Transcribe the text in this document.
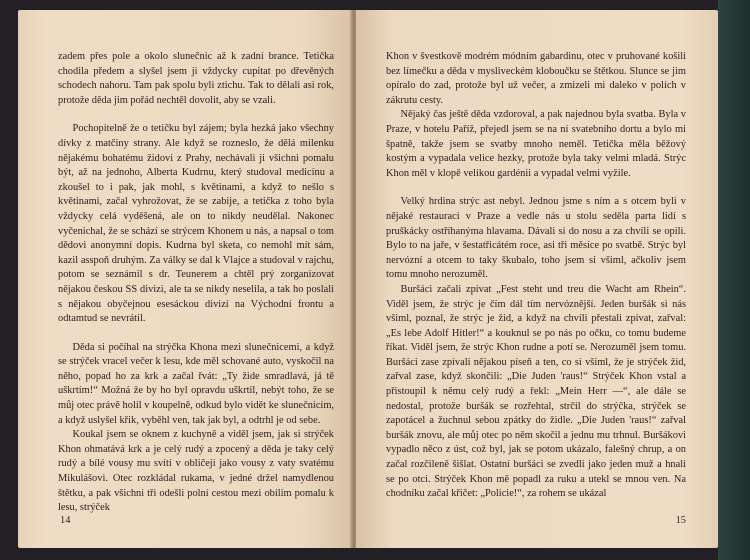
zadem přes pole a okolo slunečnic až k zadní brance. Tetička chodila předem a slyšel jsem ji vždycky cupitat po dřevěných schodech nahoru. Tam pak spolu byli ztichu. Tak to dělali asi rok, protože děda jim pořád nechtěl dovolit, aby se vzali.

Pochopitelně že o tetičku byl zájem; byla hezká jako všechny dívky z matčiny strany. Ale když se rozneslo, že dělá milenku nějakému bohatému židovi z Prahy, nechávali ji všichni pomalu být, až na jednoho, Alberta Kudrnu, který studoval medicínu a zkoušel to i pak, jak mohl, s květinami, a když to nešlo s květinami, začal vyhrožovat, že se zabije, a tetička z toho byla vždycky celá vyděšená, ale on to nikdy neudělal. Nakonec vyčenichal, že se schází se strýcem Khonem u nás, a napsal o tom dědovi anonymní dopis. Kudrna byl sketa, co nemohl mít sám, kazil asspoň druhým. Za války se dal k Vlajce a studoval v rajchu, potom se seznámil s dr. Teunerem a chtěl prý zorganizovat nějakou českou SS divizi, ale ta se nikdy neselila, a tak ho poslali s nějakou obyčejnou esesáckou divizí na Východní frontu a odtamtud se nevrátil.

Děda si počíhal na strýčka Khona mezi slunečnicemi, a když se strýček vracel večer k lesu, kde měl schované auto, vyskočil na něho, popad ho za krk a začal řvát: „Ty žide smradlavá, já tě uškrtím!“ Možná že by ho byl opravdu uškrtil, nebýt toho, že se můj otec právě holil v koupelně, odkud bylo vidět ke slunečnicím, a když uslyšel křik, vyběhl ven, tak jak byl, a odtrhl je od sebe.

Koukal jsem se oknem z kuchyně a viděl jsem, jak si strýček Khon ohmatává krk a je celý rudý a zpocený a děda je taky celý rudý a bílé vousy mu svítí v obličeji jako vousy z vaty svatému Mikulášovi. Otec rozkládal rukama, v jedné držel namydlenou štětku, a pak všichni tři odešli polní cestou mezi obilím pomalu k lesu, strýček

14

Khon v švestkově modrém módním gabardinu, otec v pruhované košili bez límečku a děda v mysliveckém kloboučku se štětkou. Slunce se jim opíralo do zad, protože byl už večer, a zmizeli mi daleko v polích v zákrutu cesty.

Nějaký čas ještě děda vzdoroval, a pak najednou byla svatba. Byla v Praze, v hotelu Paříž, přejedl jsem se na ní svatebního dortu a bylo mi špatně, takže jsem se svatby mnoho neměl. Tetička měla běžový kostým a vypadala velice hezky, protože byla taky velmi mladá. Strýc Khon měl v klopě velikou gardénii a vypadal velmi vyžile.

Velký hrdina strýc ast nebyl. Jednou jsme s ním a s otcem byli v nějaké restauraci v Praze a vedle nás u stolu seděla parta lidí s pruškácky ostříhanýma hlavama. Dávali si do nosu a za chvíli se opili. Bylo to na jaře, v šestatřicátém roce, asi tři měsíce po svatbě. Strýc byl nervózní a otcem to taky škubalo, toho jsem si všiml, ačkoliv jsem tomu mnoho nerozuměl.

Buršáci začali zpívat „Fest steht und treu die Wacht am Rhein“. Viděl jsem, že strýc je čím dál tím nervóznější. Jeden buršák si nás všiml, poznal, že strýc je žid, a když na chvíli přestali zpívat, zařval: „Es lebe Adolf Hitler!“ a kouknul se po nás po očku, co tomu budeme říkat. Viděl jsem, že strýc Khon rudne a potí se. Nerozuměl jsem tomu. Buršáci zase zpívali nějakou píseň a ten, co si všiml, že je strýček žid, zařval zase, když skončili: „Die Juden 'raus!“ Strýček Khon vstal a přistoupil k němu celý rudý a řekl: „Mein Herr —“, ale dále se nedostal, protože buršák se rozřehtal, strčil do strýčka, strýček se zapotácel a žuchnul sebou zpátky do židle. „Die Juden 'raus!“ zařval buršák znovu, ale můj otec po něm skočil a jednu mu trhnul. Buršákovi vypadlo něco z úst, což byl, jak se potom ukázalo, falešný chrup, a on začal rozčileně šišlat. Ostatní buršáci se zvedli jako jeden muž a hnali se po otci. Strýček Khon mě popadl za ruku a utekl se mnou ven. Na chodníku začal křičet: „Policie!“, za rohem se ukázal

15
